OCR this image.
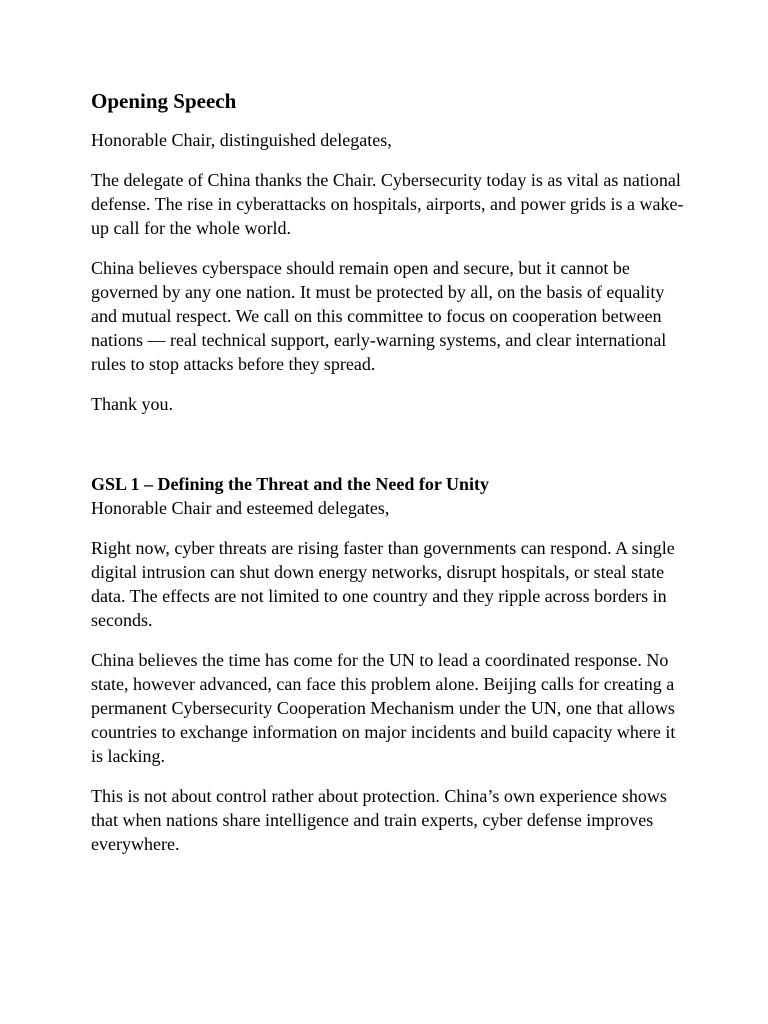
Opening Speech

Honorable Chair, distinguished delegates,

The delegate of China thanks the Chair. Cybersecurity today is as vital as national defense. The rise in cyberattacks on hospitals, airports, and power grids is a wake-up call for the whole world.

China believes cyberspace should remain open and secure, but it cannot be governed by any one nation. It must be protected by all, on the basis of equality and mutual respect. We call on this committee to focus on cooperation between nations — real technical support, early-warning systems, and clear international rules to stop attacks before they spread.

Thank you.

GSL 1 – Defining the Threat and the Need for Unity

Honorable Chair and esteemed delegates,

Right now, cyber threats are rising faster than governments can respond. A single digital intrusion can shut down energy networks, disrupt hospitals, or steal state data. The effects are not limited to one country and they ripple across borders in seconds.

China believes the time has come for the UN to lead a coordinated response. No state, however advanced, can face this problem alone. Beijing calls for creating a permanent Cybersecurity Cooperation Mechanism under the UN, one that allows countries to exchange information on major incidents and build capacity where it is lacking.

This is not about control rather about protection. China’s own experience shows that when nations share intelligence and train experts, cyber defense improves everywhere.
